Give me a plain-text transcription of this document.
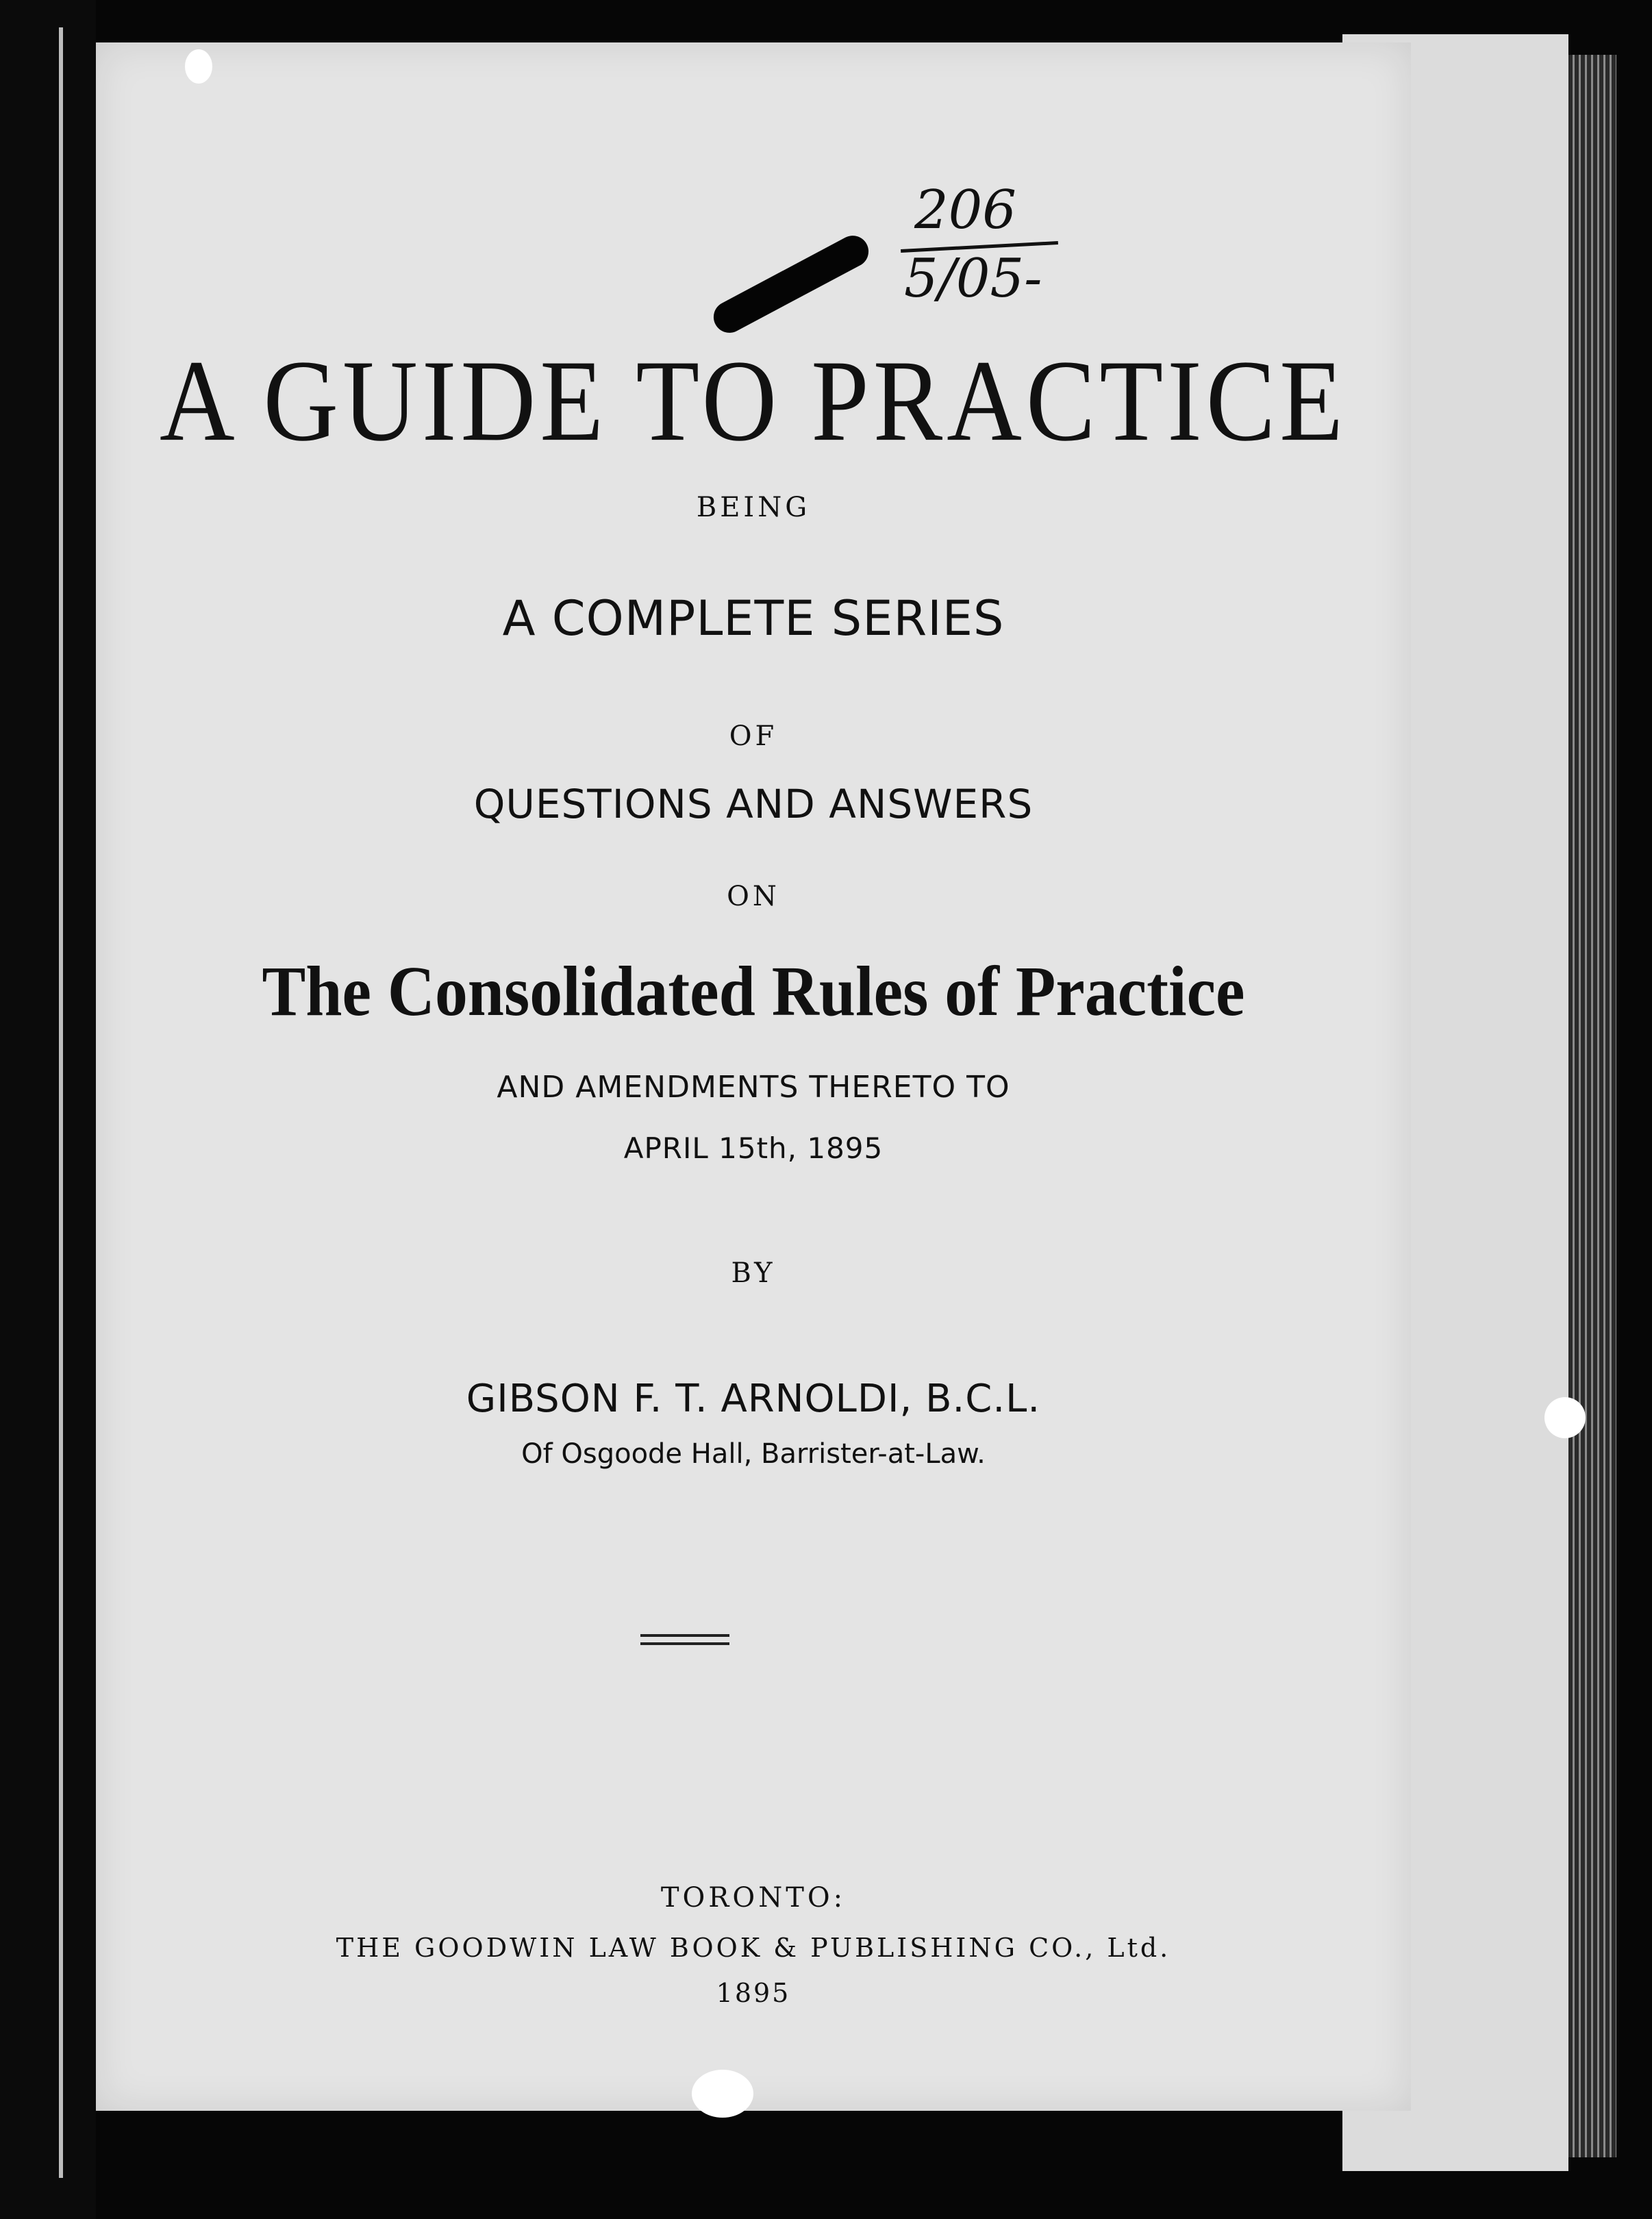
206
5/05-
A GUIDE TO PRACTICE
BEING
A COMPLETE SERIES
OF
QUESTIONS AND ANSWERS
ON
The Consolidated Rules of Practice
AND AMENDMENTS THERETO TO
APRIL 15th, 1895
BY
GIBSON F. T. ARNOLDI, B.C.L.
Of Osgoode Hall, Barrister-at-Law.
TORONTO:
THE GOODWIN LAW BOOK & PUBLISHING CO., Ltd.
1895
